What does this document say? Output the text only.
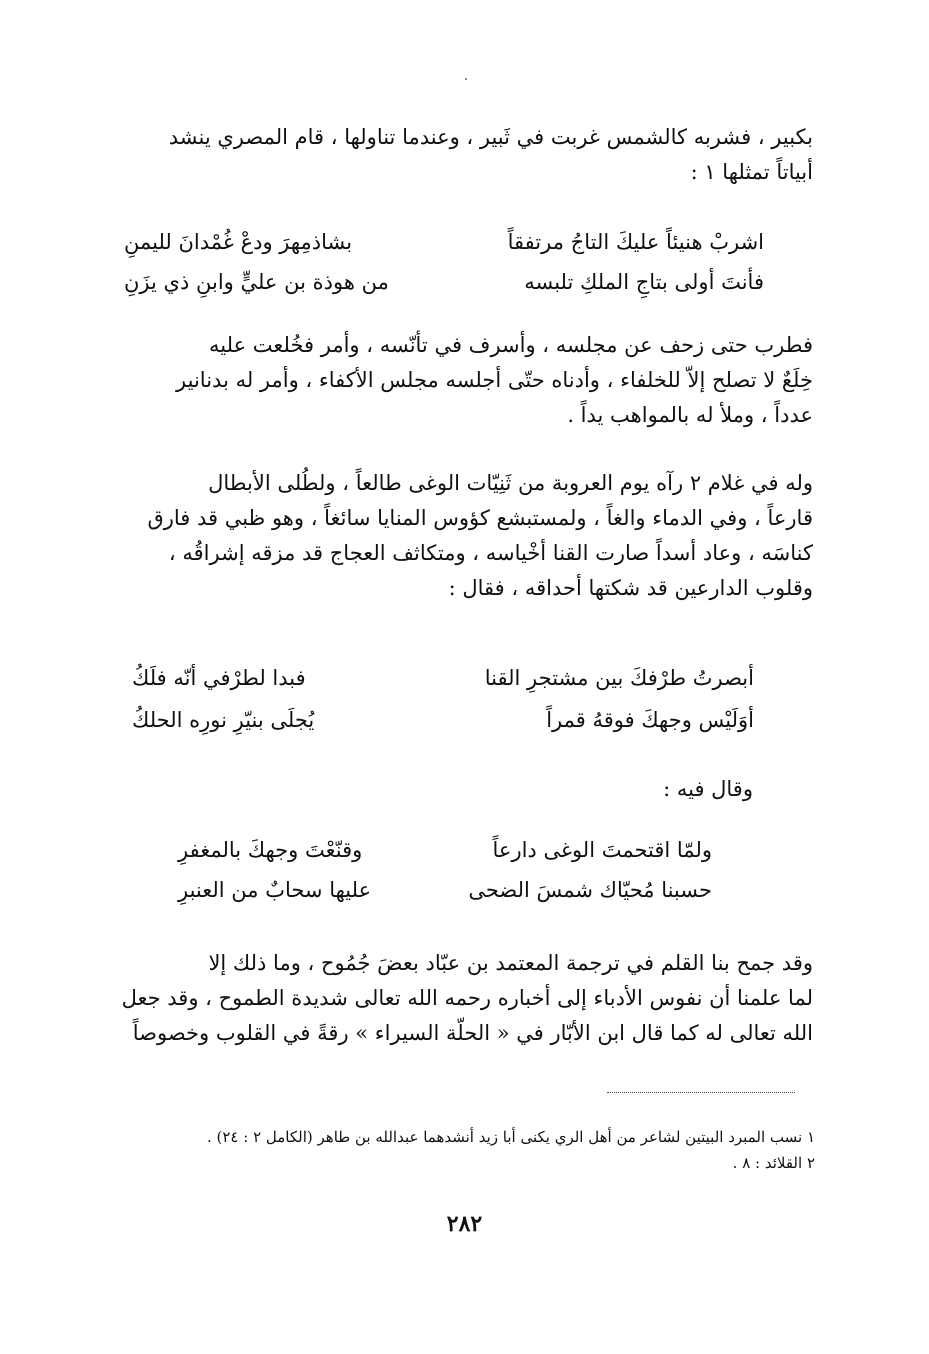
بكبير ، فشربه كالشمس غربت في ثَبير ، وعندما تناولها ، قام المصري ينشد
أبياتاً تمثلها ١ :
اشربْ هنيئاً عليكَ التاجُ مرتفقاً
بشاذمِهرَ ودعْ غُمْدانَ لليمنِ
فأنتَ أولى بتاجِ الملكِ تلبسه
من هوذة بن عليٍّ وابنِ ذي يزَنِ
فطرب حتى زحف عن مجلسه ، وأسرف في تأنّسه ، وأمر فخُلعت عليه
خِلَعٌ لا تصلح إلاّ للخلفاء ، وأدناه حتّى أجلسه مجلس الأكفاء ، وأمر له بدنانير
عدداً ، وملأ له بالمواهب يداً .
وله في غلام ٢ رآه يوم العروبة من ثَنِيّات الوغى طالعاً ، ولطُلى الأبطال
قارعاً ، وفي الدماء والغاً ، ولمستبشع كؤوس المنايا سائغاً ، وهو ظبي قد فارق
كناسَه ، وعاد أسداً صارت القنا أخْياسه ، ومتكاثف العجاج قد مزقه إشراقُه ،
وقلوب الدارعين قد شكتها أحداقه ، فقال :
أبصرتُ طرْفكَ بين مشتجرِ القنا
فبدا لطرْفي أنّه فلَكُ
أوَلَيْس وجهكَ فوقهُ قمراً
يُجلَى بنيّرِ نورِه الحلكُ
وقال فيه :
ولمّا اقتحمتَ الوغى دارعاً
وقنّعْتَ وجهكَ بالمغفرِ
حسبنا مُحيّاك شمسَ الضحى
عليها سحابٌ من العنبرِ
وقد جمح بنا القلم في ترجمة المعتمد بن عبّاد بعضَ جُمُوح ، وما ذلك إلا
لما علمنا أن نفوس الأدباء إلى أخباره رحمه الله تعالى شديدة الطموح ، وقد جعل
الله تعالى له كما قال ابن الأبّار في « الحلّة السيراء » رقةً في القلوب وخصوصاً
١ نسب المبرد البيتين لشاعر من أهل الري يكنى أبا زيد أنشدهما عبدالله بن طاهر (الكامل ٢ : ٢٤) .
٢ القلائد : ٨ .
٢٨٢
